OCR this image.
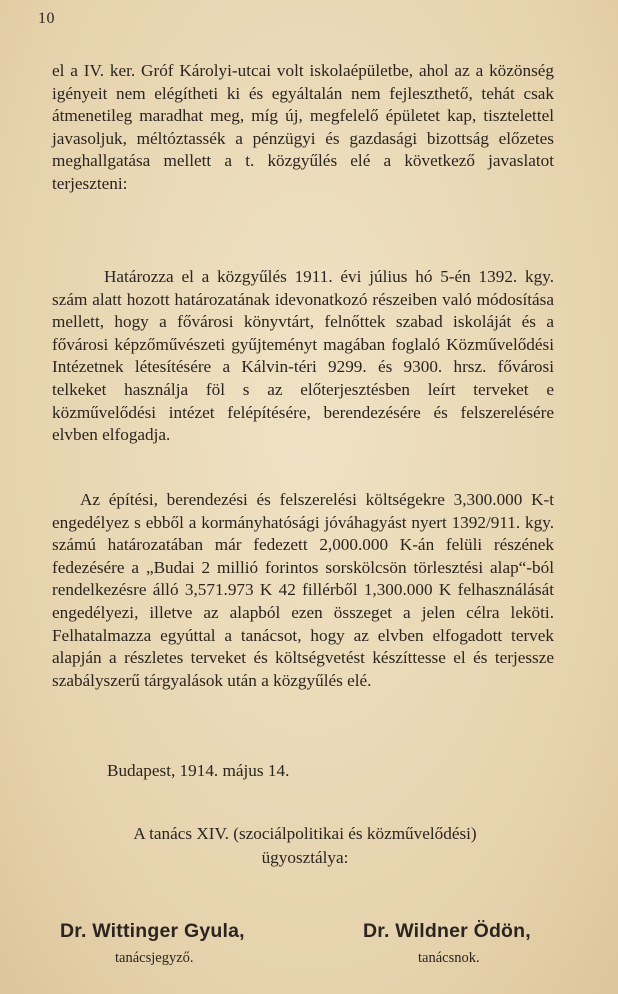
10
el a IV. ker. Gróf Károlyi-utcai volt iskolaépületbe, ahol az a közönség igényeit nem elégítheti ki és egyáltalán nem fejleszthető, tehát csak átmenetileg maradhat meg, míg új, megfelelő épületet kap, tisztelettel javasoljuk, méltóztassék a pénzügyi és gazdasági bizottság előzetes meghallgatása mellett a t. közgyűlés elé a következő javaslatot terjeszteni:
Határozza el a közgyűlés 1911. évi július hó 5-én 1392. kgy. szám alatt hozott határozatának idevonatkozó részeiben való módosítása mellett, hogy a fővárosi könyvtárt, felnőttek szabad iskoláját és a fővárosi képzőművészeti gyűjteményt magában foglaló Közművelődési Intézetnek létesítésére a Kálvin-téri 9299. és 9300. hrsz. fővárosi telkeket használja föl s az előterjesztésben leírt terveket e közművelődési intézet felépítésére, berendezésére és felszerelésére elvben elfogadja.
Az építési, berendezési és felszerelési költségekre 3,300.000 K-t engedélyez s ebből a kormányhatósági jóváhagyást nyert 1392/911. kgy. számú határozatában már fedezett 2,000.000 K-án felüli részének fedezésére a „Budai 2 millió forintos sorskölcsön törlesztési alap“-ból rendelkezésre álló 3,571.973 K 42 fillérből 1,300.000 K felhasználását engedélyezi, illetve az alapból ezen összeget a jelen célra leköti. Felhatalmazza egyúttal a tanácsot, hogy az elvben elfogadott tervek alapján a részletes terveket és költségvetést készíttesse el és terjessze szabályszerű tárgyalások után a közgyűlés elé.
Budapest, 1914. május 14.
A tanács XIV. (szociálpolitikai és közművelődési)
ügyosztálya:
Dr. Wittinger Gyula,
tanácsjegyző.
Dr. Wildner Ödön,
tanácsnok.
